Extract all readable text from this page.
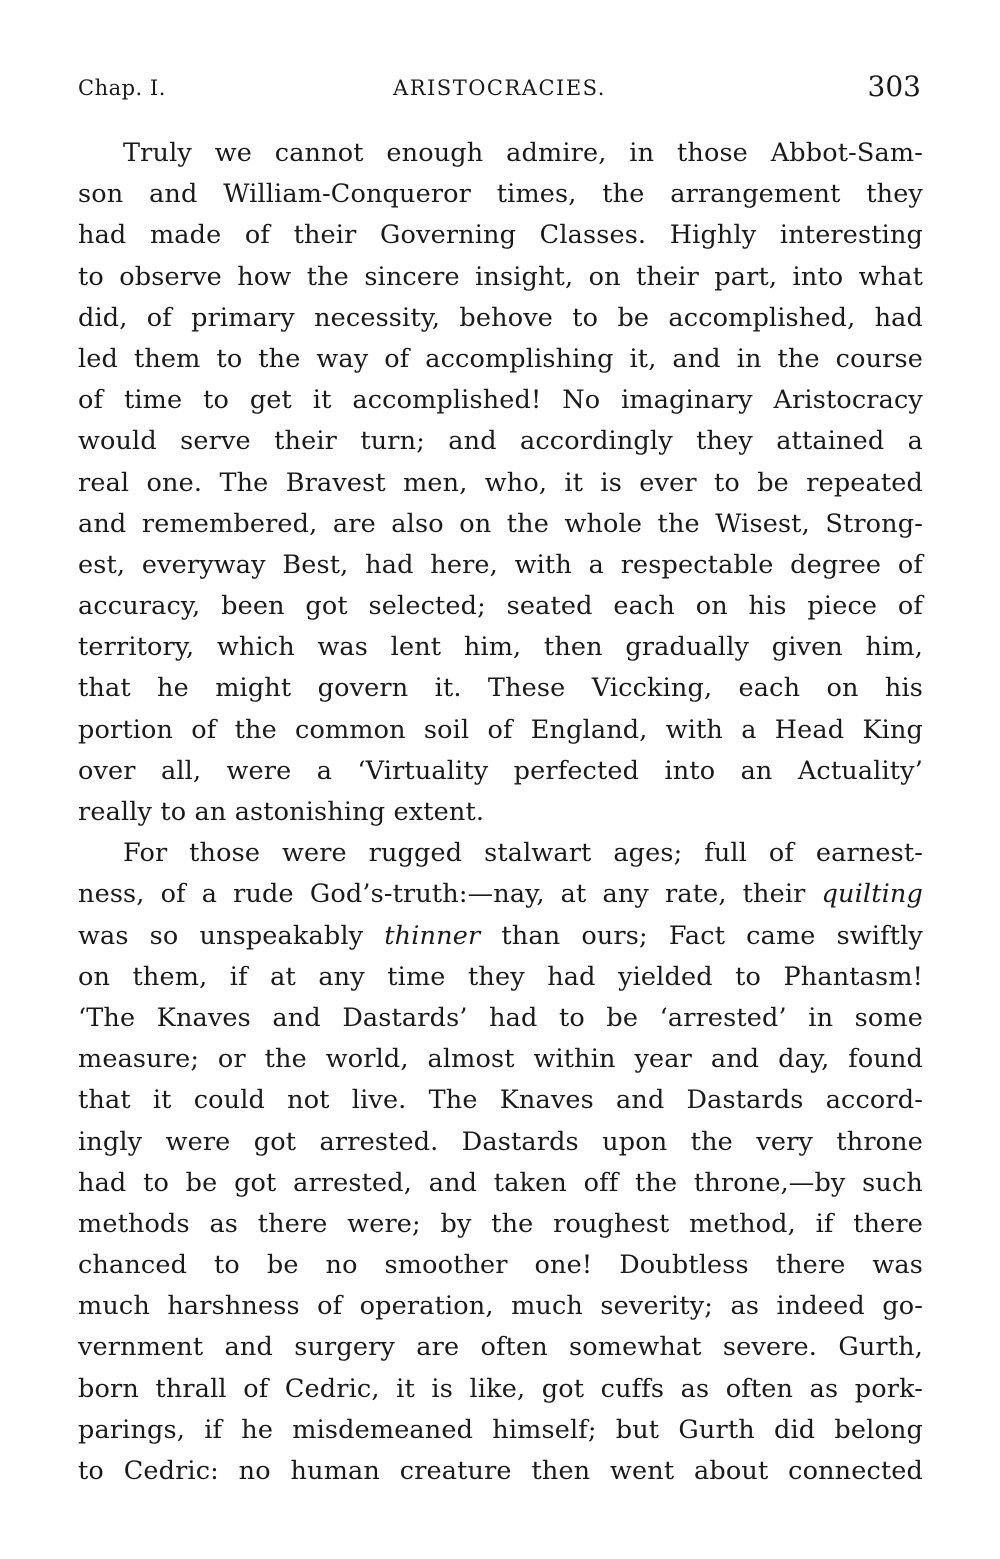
Chap. I.	ARISTOCRACIES.	303
Truly we cannot enough admire, in those Abbot-Sam-
son and William-Conqueror times, the arrangement they
had made of their Governing Classes. Highly interesting
to observe how the sincere insight, on their part, into what
did, of primary necessity, behove to be accomplished, had
led them to the way of accomplishing it, and in the course
of time to get it accomplished! No imaginary Aristocracy
would serve their turn; and accordingly they attained a
real one. The Bravest men, who, it is ever to be repeated
and remembered, are also on the whole the Wisest, Strong-
est, everyway Best, had here, with a respectable degree of
accuracy, been got selected; seated each on his piece of
territory, which was lent him, then gradually given him,
that he might govern it. These Viccking, each on his
portion of the common soil of England, with a Head King
over all, were a ‘Virtuality perfected into an Actuality’
really to an astonishing extent.
For those were rugged stalwart ages; full of earnest-
ness, of a rude God’s-truth:—nay, at any rate, their quilting
was so unspeakably thinner than ours; Fact came swiftly
on them, if at any time they had yielded to Phantasm!
‘The Knaves and Dastards’ had to be ‘arrested’ in some
measure; or the world, almost within year and day, found
that it could not live. The Knaves and Dastards accord-
ingly were got arrested. Dastards upon the very throne
had to be got arrested, and taken off the throne,—by such
methods as there were; by the roughest method, if there
chanced to be no smoother one! Doubtless there was
much harshness of operation, much severity; as indeed go-
vernment and surgery are often somewhat severe. Gurth,
born thrall of Cedric, it is like, got cuffs as often as pork-
parings, if he misdemeaned himself; but Gurth did belong
to Cedric: no human creature then went about connected
